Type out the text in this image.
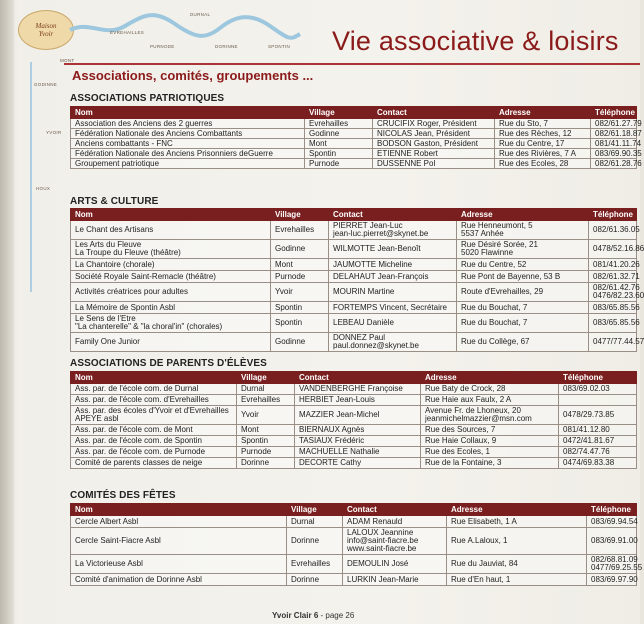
Maison
Yvoir
DURNAL
EVREHAILLES
PURNODE	DORINNE	SPONTIN
MONT
GODINNE
YVOIR
HOUX
Vie associative & loisirs
Associations, comités, groupements ...
ASSOCIATIONS PATRIOTIQUES
Nom	Village	Contact	Adresse	Téléphone
Association des Anciens des 2 guerres	Evrehailles	CRUCIFIX Roger, Président	Rue du Sto, 7	082/61.27.79
Fédération Nationale des Anciens Combattants	Godinne	NICOLAS Jean, Président	Rue des Rèches, 12	082/61.18.87
Anciens combattants - FNC	Mont	BODSON Gaston, Président	Rue du Centre, 17	081/41.11.74
Fédération Nationale des Anciens Prisonniers deGuerre	Spontin	ETIENNE Robert	Rue des Rivières, 7 A	083/69.90.35
Groupement patriotique	Purnode	DUSSENNE Pol	Rue des Ecoles, 28	082/61.28.76
ARTS & CULTURE
Nom	Village	Contact	Adresse	Téléphone
Le Chant des Artisans	Evrehailles	PIERRET Jean-Luc
jean-luc.pierret@skynet.be	Rue Henneumont, 5
5537 Anhée	082/61.36.05
Les Arts du Fleuve
La Troupe du Fleuve (théâtre)	Godinne	WILMOTTE Jean-Benoît	Rue Désiré Sorée, 21
5020 Flawinne	0478/52.16.86
La Chantoire (chorale)	Mont	JAUMOTTE Micheline	Rue du Centre, 52	081/41.20.26
Société Royale Saint-Remacle (théâtre)	Purnode	DELAHAUT Jean-François	Rue Pont de Bayenne, 53 B	082/61.32.71
Activités créatrices pour adultes	Yvoir	MOURIN Martine	Route d'Evrehailles, 29	082/61.42.76
0476/82.23.60
La Mémoire de Spontin Asbl	Spontin	FORTEMPS Vincent, Secrétaire	Rue du Bouchat, 7	083/65.85.56
Le Sens de l'Etre
"La chanterelle" & "la choral'in" (chorales)	Spontin	LEBEAU Danièle	Rue du Bouchat, 7	083/65.85.56
Family One Junior	Godinne	DONNEZ Paul
paul.donnez@skynet.be	Rue du Collège, 67	0477/77.44.57
ASSOCIATIONS DE PARENTS D'ÉLÈVES
Nom	Village	Contact	Adresse	Téléphone
Ass. par. de l'école com. de Durnal	Durnal	VANDENBERGHE Françoise	Rue Baty de Crock, 28	083/69.02.03
Ass. par. de l'école com. d'Evrehailles	Evrehailles	HERBIET Jean-Louis	Rue Haie aux Faulx, 2 A	
Ass. par. des écoles d'Yvoir et d'Evrehailles
APEYE asbl	Yvoir	MAZZIER Jean-Michel	Avenue Fr. de Lhoneux, 20
jeanmichelmazzier@msn.com	0478/29.73.85
Ass. par. de l'école com. de Mont	Mont	BIERNAUX Agnès	Rue des Sources, 7	081/41.12.80
Ass. par. de l'école com. de Spontin	Spontin	TASIAUX Frédéric	Rue Haie Collaux, 9	0472/41.81.67
Ass. par. de l'école com. de Purnode	Purnode	MACHUELLE Nathalie	Rue des Ecoles, 1	082/74.47.76
Comité de parents classes de neige	Dorinne	DECORTE Cathy	Rue de la Fontaine, 3	0474/69.83.38
COMITÉS DES FÊTES
Nom	Village	Contact	Adresse	Téléphone
Cercle Albert Asbl	Durnal	ADAM Renauld	Rue Elisabeth, 1 A	083/69.94.54
Cercle Saint-Fiacre Asbl	Dorinne	LALOUX Jeannine
info@saint-fiacre.be
www.saint-fiacre.be	Rue A.Laloux, 1	083/69.91.00
La Victorieuse Asbl	Evrehailles	DEMOULIN José	Rue du Jauviat, 84	082/68.81.09
0477/69.25.55
Comité d'animation de Dorinne Asbl	Dorinne	LURKIN Jean-Marie	Rue d'En haut, 1	083/69.97.90
Yvoir Clair 6 - page 26
